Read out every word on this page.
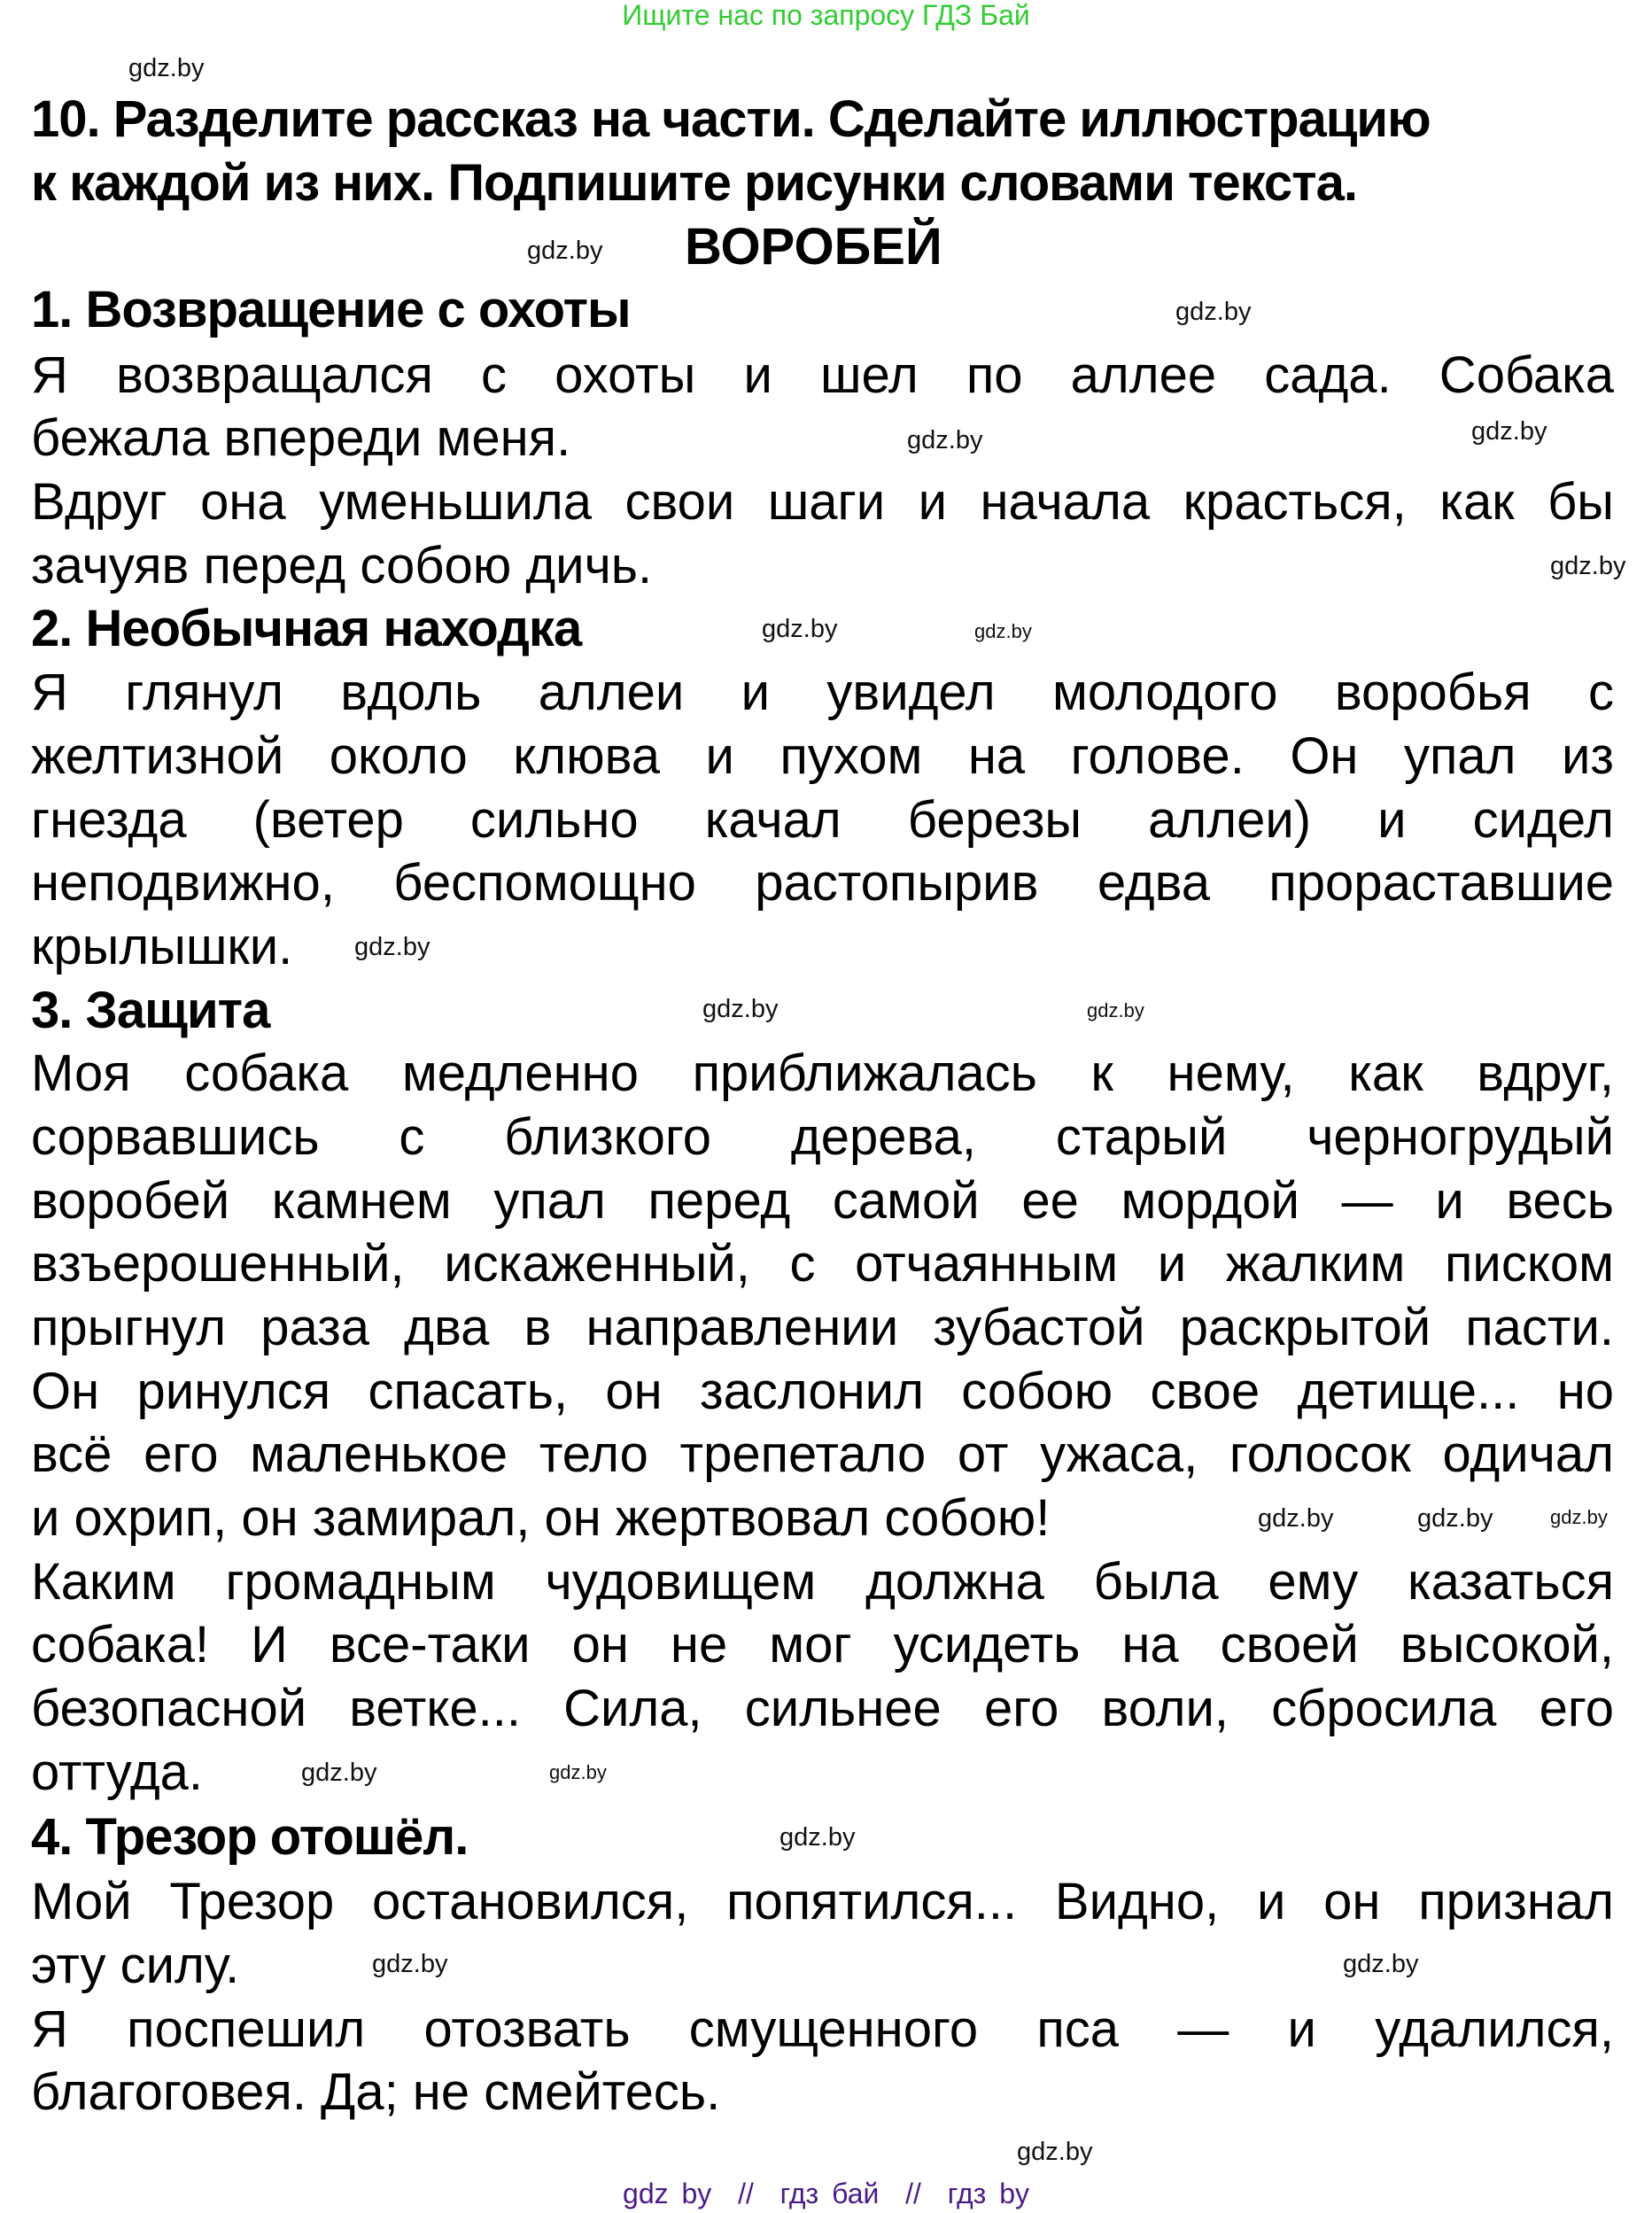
Ищите нас по запросу ГДЗ Бай
10. Разделите рассказ на части. Сделайте иллюстрацию
к каждой из них. Подпишите рисунки словами текста.
ВОРОБЕЙ
1. Возвращение с охоты
Я возвращался с охоты и шел по аллее сада. Собака
бежала впереди меня.
Вдруг она уменьшила свои шаги и начала красться, как бы
зачуяв перед собою дичь.
2. Необычная находка
Я глянул вдоль аллеи и увидел молодого воробья с
желтизной около клюва и пухом на голове. Он упал из
гнезда (ветер сильно качал березы аллеи) и сидел
неподвижно, беспомощно растопырив едва прораставшие
крылышки.
3. Защита
Моя собака медленно приближалась к нему, как вдруг,
сорвавшись с близкого дерева, старый черногрудый
воробей камнем упал перед самой ее мордой — и весь
взъерошенный, искаженный, с отчаянным и жалким писком
прыгнул раза два в направлении зубастой раскрытой пасти.
Он ринулся спасать, он заслонил собою свое детище... но
всё его маленькое тело трепетало от ужаса, голосок одичал
и охрип, он замирал, он жертвовал собою!
Каким громадным чудовищем должна была ему казаться
собака! И все-таки он не мог усидеть на своей высокой,
безопасной ветке... Сила, сильнее его воли, сбросила его
оттуда.
4. Трезор отошёл.
Мой Трезор остановился, попятился... Видно, и он признал
эту силу.
Я поспешил отозвать смущенного пса — и удалился,
благоговея. Да; не смейтесь.
gdz.by
gdz.by
gdz.by
gdz.by
gdz.by
gdz.by
gdz.by	gdz.by
gdz.by
gdz.by	gdz.by
gdz.by
gdz.by
gdz.by	gdz.by
gdz.by
gdz.by
gdz.by
gdz.by
gdz.by
gdz by  //  гдз бай  //  гдз by
